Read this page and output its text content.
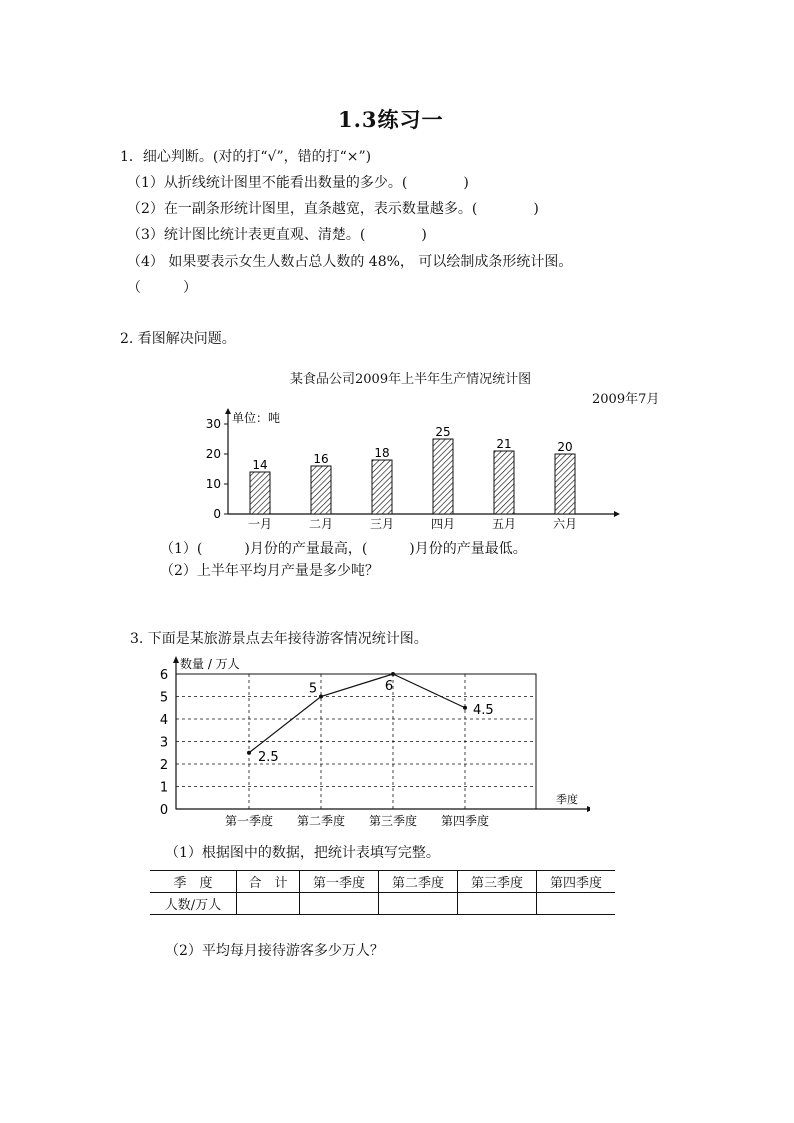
1.3练习一
1．细心判断。(对的打“√”，错的打“×”)
（1）从折线统计图里不能看出数量的多少。(　　　　)
（2）在一副条形统计图里，直条越宽，表示数量越多。(　　　　)
（3）统计图比统计表更直观、清楚。(　　　　)
（4） 如果要表示女生人数占总人数的 48%， 可以绘制成条形统计图。
（　　　）
2. 看图解决问题。
某食品公司2009年上半年生产情况统计图
2009年7月
0
10
20
30 单位：吨
14
一月
16
二月
18
三月
25
四月
21
五月
20
六月
（1）(　　　)月份的产量最高，(　　　)月份的产量最低。
（2）上半年平均月产量是多少吨？
3. 下面是某旅游景点去年接待游客情况统计图。
0
1
2
3
4
5
6
第一季度 第二季度 第三季度 第四季度
数量 / 万人
季度
2.5
5	6
4.5
（1）根据图中的数据，把统计表填写完整。
季　度	合　计	第一季度	第二季度	第三季度	第四季度
人数/万人					
（2）平均每月接待游客多少万人？
